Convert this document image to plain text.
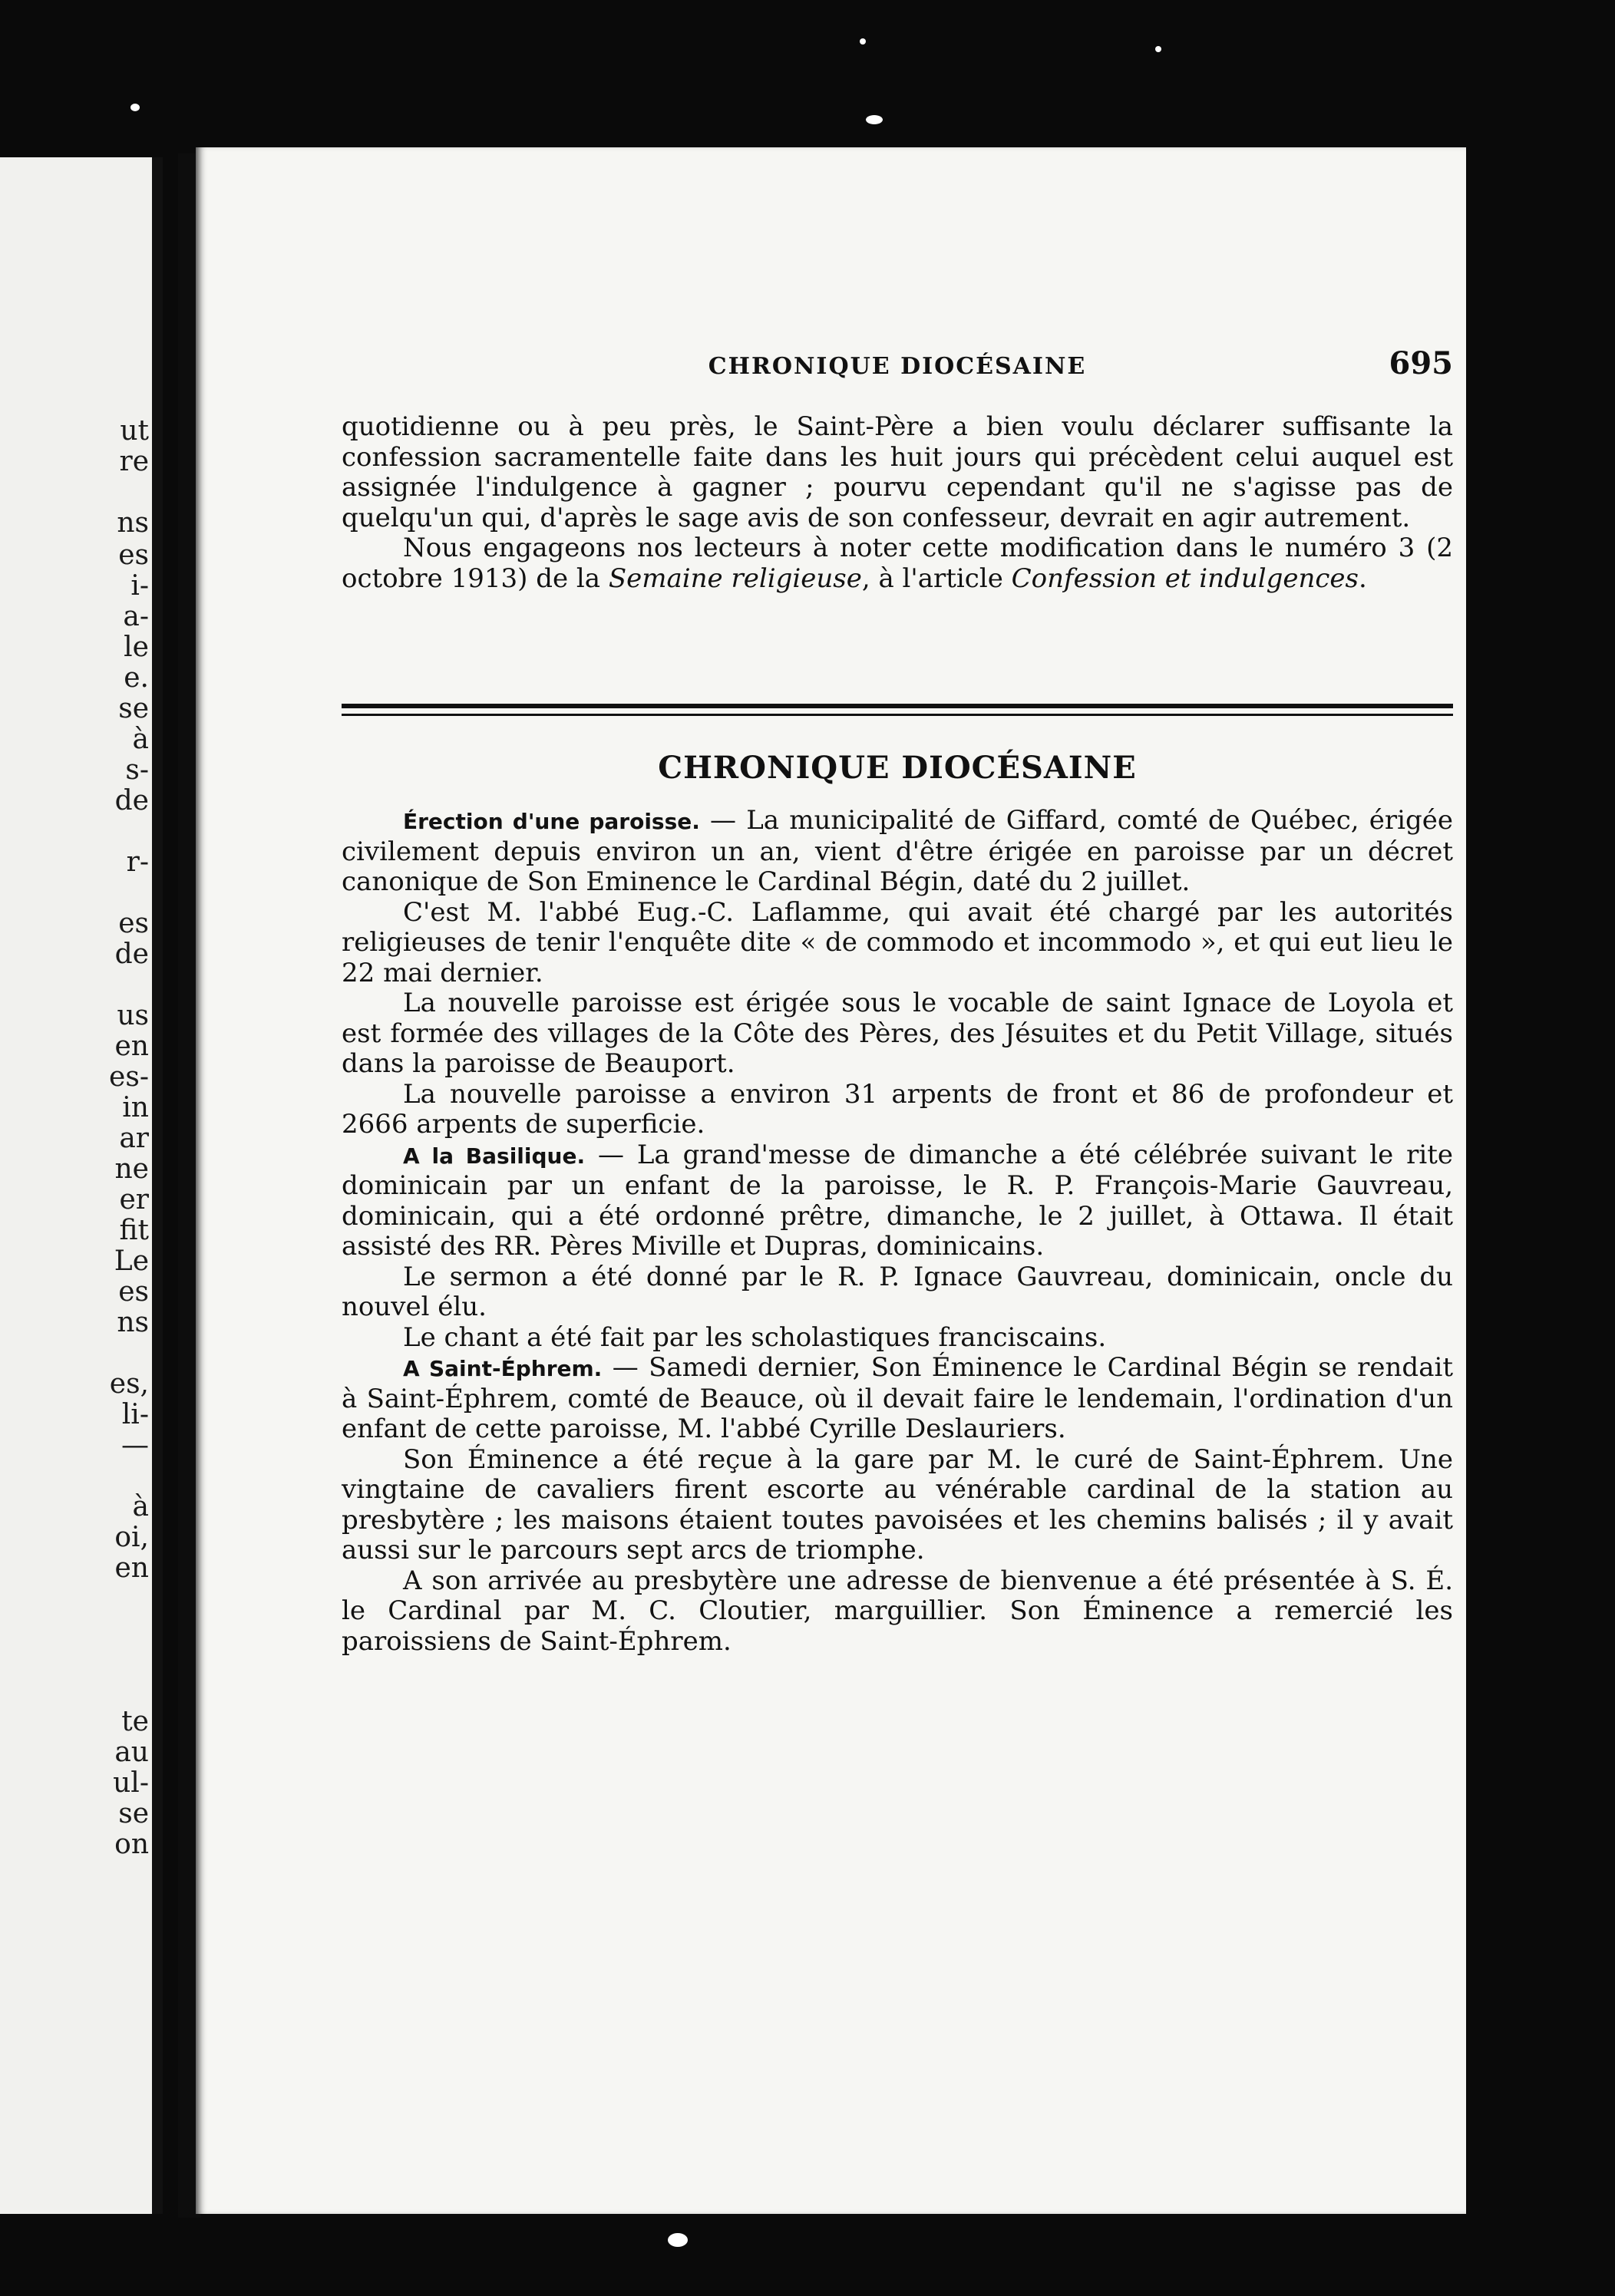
ut
re
ns
es
i-
a-
le
e.
se
à
s-
de
r-
es
de
us
en
es-
in
ar
ne
er
fit
Le
es
ns
es,
li-
—
à
oi,
en
te
au
ul-
se
on
CHRONIQUE DIOCÉSAINE	695

quotidienne ou à peu près, le Saint-Père a bien voulu déclarer suffisante la confession sacramentelle faite dans les huit jours qui précèdent celui auquel est assignée l'indulgence à gagner ; pourvu cependant qu'il ne s'agisse pas de quelqu'un qui, d'après le sage avis de son confesseur, devrait en agir autrement.

Nous engageons nos lecteurs à noter cette modification dans le numéro 3 (2 octobre 1913) de la Semaine religieuse, à l'article Confession et indulgences.

CHRONIQUE DIOCÉSAINE

Érection d'une paroisse. — La municipalité de Giffard, comté de Québec, érigée civilement depuis environ un an, vient d'être érigée en paroisse par un décret canonique de Son Eminence le Cardinal Bégin, daté du 2 juillet.

C'est M. l'abbé Eug.-C. Laflamme, qui avait été chargé par les autorités religieuses de tenir l'enquête dite « de commodo et incommodo », et qui eut lieu le 22 mai dernier.

La nouvelle paroisse est érigée sous le vocable de saint Ignace de Loyola et est formée des villages de la Côte des Pères, des Jésuites et du Petit Village, situés dans la paroisse de Beauport.

La nouvelle paroisse a environ 31 arpents de front et 86 de profondeur et 2666 arpents de superficie.

A la Basilique. — La grand'messe de dimanche a été célébrée suivant le rite dominicain par un enfant de la paroisse, le R. P. François-Marie Gauvreau, dominicain, qui a été ordonné prêtre, dimanche, le 2 juillet, à Ottawa. Il était assisté des RR. Pères Miville et Dupras, dominicains.

Le sermon a été donné par le R. P. Ignace Gauvreau, dominicain, oncle du nouvel élu.

Le chant a été fait par les scholastiques franciscains.

A Saint-Éphrem. — Samedi dernier, Son Éminence le Cardinal Bégin se rendait à Saint-Éphrem, comté de Beauce, où il devait faire le lendemain, l'ordination d'un enfant de cette paroisse, M. l'abbé Cyrille Deslauriers.

Son Éminence a été reçue à la gare par M. le curé de Saint-Éphrem. Une vingtaine de cavaliers firent escorte au vénérable cardinal de la station au presbytère ; les maisons étaient toutes pavoisées et les chemins balisés ; il y avait aussi sur le parcours sept arcs de triomphe.

A son arrivée au presbytère une adresse de bienvenue a été présentée à S. É. le Cardinal par M. C. Cloutier, marguillier. Son Éminence a remercié les paroissiens de Saint-Éphrem.
